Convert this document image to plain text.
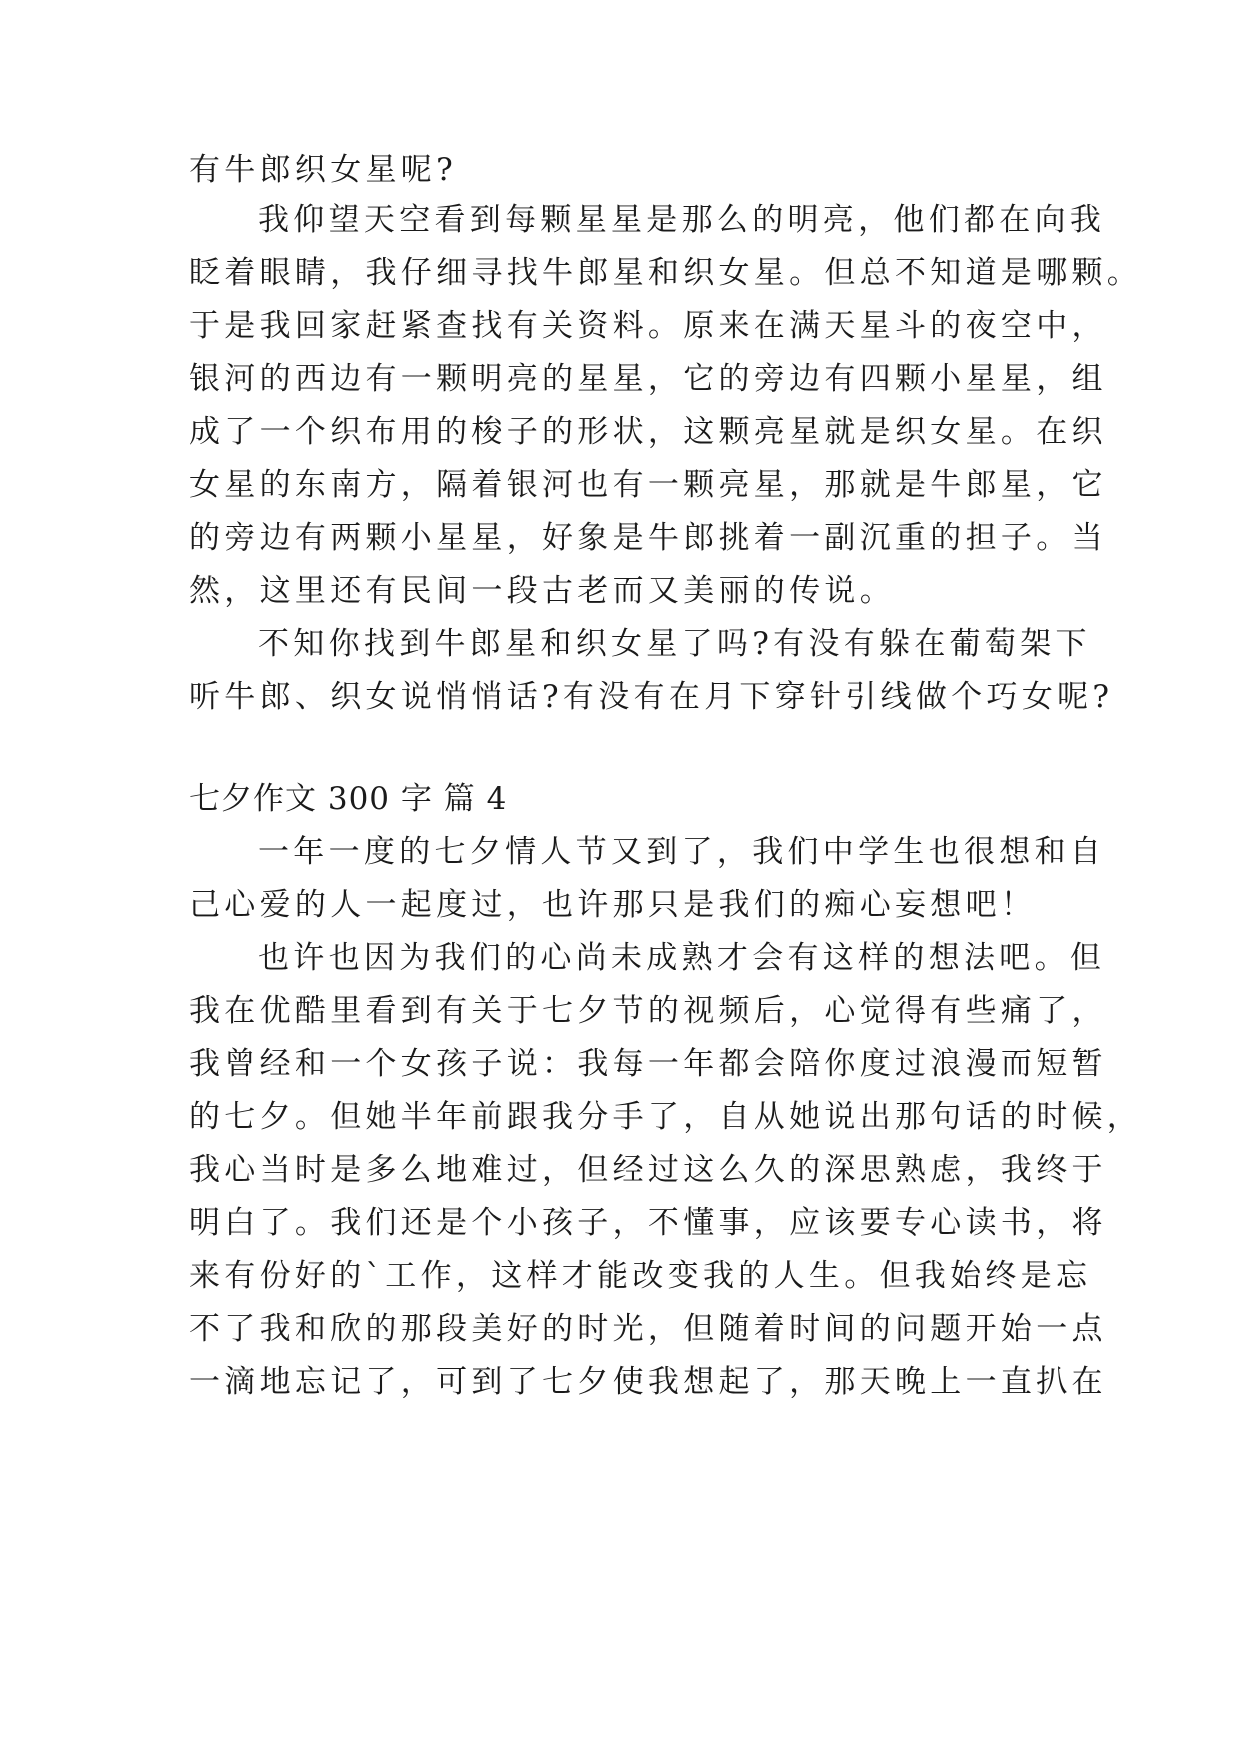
有牛郎织女星呢?
我仰望天空看到每颗星星是那么的明亮，他们都在向我
眨着眼睛，我仔细寻找牛郎星和织女星。但总不知道是哪颗。
于是我回家赶紧查找有关资料。原来在满天星斗的夜空中，
银河的西边有一颗明亮的星星，它的旁边有四颗小星星，组
成了一个织布用的梭子的形状，这颗亮星就是织女星。在织
女星的东南方，隔着银河也有一颗亮星，那就是牛郎星，它
的旁边有两颗小星星，好象是牛郎挑着一副沉重的担子。当
然，这里还有民间一段古老而又美丽的传说。
不知你找到牛郎星和织女星了吗?有没有躲在葡萄架下
听牛郎、织女说悄悄话?有没有在月下穿针引线做个巧女呢?
七夕作文 300 字 篇 4
一年一度的七夕情人节又到了，我们中学生也很想和自
己心爱的人一起度过，也许那只是我们的痴心妄想吧！
也许也因为我们的心尚未成熟才会有这样的想法吧。但
我在优酷里看到有关于七夕节的视频后，心觉得有些痛了，
我曾经和一个女孩子说：我每一年都会陪你度过浪漫而短暂
的七夕。但她半年前跟我分手了，自从她说出那句话的时候，
我心当时是多么地难过，但经过这么久的深思熟虑，我终于
明白了。我们还是个小孩子，不懂事，应该要专心读书，将
来有份好的`工作，这样才能改变我的人生。但我始终是忘
不了我和欣的那段美好的时光，但随着时间的问题开始一点
一滴地忘记了，可到了七夕使我想起了，那天晚上一直扒在
